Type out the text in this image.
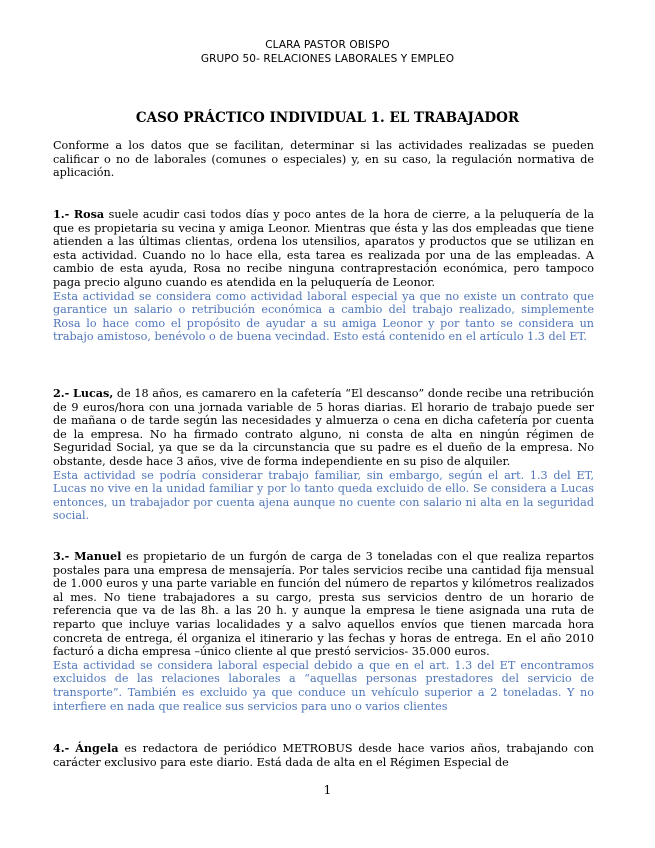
CLARA PASTOR OBISPO
GRUPO 50- RELACIONES LABORALES Y EMPLEO
CASO PRÁCTICO INDIVIDUAL 1. EL TRABAJADOR

Conforme a los datos que se facilitan, determinar si las actividades realizadas se pueden calificar o no de laborales (comunes o especiales) y, en su caso, la regulación normativa de aplicación.

1.- Rosa suele acudir casi todos días y poco antes de la hora de cierre, a la peluquería de la que es propietaria su vecina y amiga Leonor. Mientras que ésta y las dos empleadas que tiene atienden a las últimas clientas, ordena los utensilios, aparatos y productos que se utilizan en esta actividad. Cuando no lo hace ella, esta tarea es realizada por una de las empleadas. A cambio de esta ayuda, Rosa no recibe ninguna contraprestación económica, pero tampoco paga precio alguno cuando es atendida en la peluquería de Leonor.

Esta actividad se considera como actividad laboral especial ya que no existe un contrato que garantice un salario o retribución económica a cambio del trabajo realizado, simplemente Rosa lo hace como el propósito de ayudar a su amiga Leonor y por tanto se considera un trabajo amistoso, benévolo o de buena vecindad. Esto está contenido en el artículo 1.3 del ET.

2.- Lucas, de 18 años, es camarero en la cafetería “El descanso” donde recibe una retribución de 9 euros/hora con una jornada variable de 5 horas diarias. El horario de trabajo puede ser de mañana o de tarde según las necesidades y almuerza o cena en dicha cafetería por cuenta de la empresa. No ha firmado contrato alguno, ni consta de alta en ningún régimen de Seguridad Social, ya que se da la circunstancia que su padre es el dueño de la empresa. No obstante, desde hace 3 años, vive de forma independiente en su piso de alquiler.

Esta actividad se podría considerar trabajo familiar, sin embargo, según el art. 1.3 del ET, Lucas no vive en la unidad familiar y por lo tanto queda excluido de ello. Se considera a Lucas entonces, un trabajador por cuenta ajena aunque no cuente con salario ni alta en la seguridad social.

3.- Manuel es propietario de un furgón de carga de 3 toneladas con el que realiza repartos postales para una empresa de mensajería. Por tales servicios recibe una cantidad fija mensual de 1.000 euros y una parte variable en función del número de repartos y kilómetros realizados al mes. No tiene trabajadores a su cargo, presta sus servicios dentro de un horario de referencia que va de las 8h. a las 20 h. y aunque la empresa le tiene asignada una ruta de reparto que incluye varias localidades y a salvo aquellos envíos que tienen marcada hora concreta de entrega, él organiza el itinerario y las fechas y horas de entrega. En el año 2010 facturó a dicha empresa –único cliente al que prestó servicios- 35.000 euros.

Esta actividad se considera laboral especial debido a que en el art. 1.3 del ET encontramos excluidos de las relaciones laborales a “aquellas personas prestadores del servicio de transporte”. También es excluido ya que conduce un vehículo superior a 2 toneladas. Y no interfiere en nada que realice sus servicios para uno o varios clientes

4.- Ángela es redactora de periódico METROBUS desde hace varios años, trabajando con carácter exclusivo para este diario. Está dada de alta en el Régimen Especial de

1
